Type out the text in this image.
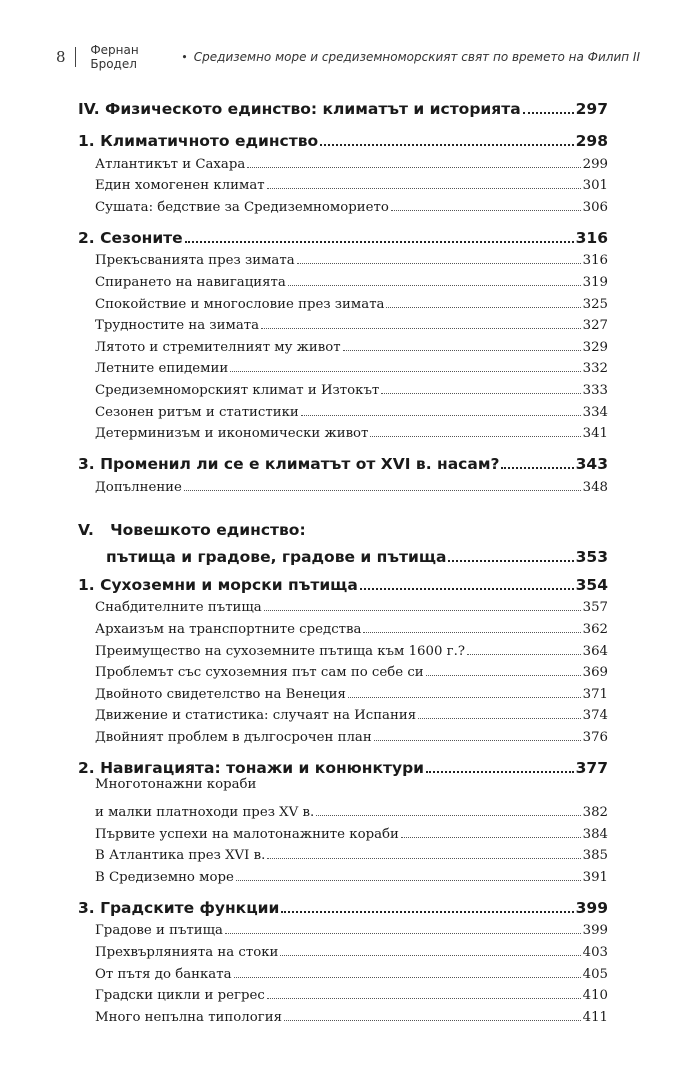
8	Фернан Бродел	• Средиземно море и средиземноморският свят по времето на Филип II
IV. Физическото единство: климатът и историята	297
1. Климатичното единство	298
Атлантикът и Сахара	299
Един хомогенен климат	301
Сушата: бедствие за Средиземноморието	306
2. Сезоните	316
Прекъсванията през зимата	316
Спирането на навигацията	319
Спокойствие и многословие през зимата	325
Трудностите на зимата	327
Лятото и стремителният му живот	329
Летните епидемии	332
Средиземноморският климат и Изтокът	333
Сезонен ритъм и статистики	334
Детерминизъм и икономически живот	341
3. Променил ли се е климатът от XVI в. насам?	343
Допълнение	348
V.   Човешкото единство:
пътища и градове, градове и пътища	353
1. Сухоземни и морски пътища	354
Снабдителните пътища	357
Архаизъм на транспортните средства	362
Преимущество на сухоземните пътища към 1600 г.?	364
Проблемът със сухоземния път сам по себе си	369
Двойното свидетелство на Венеция	371
Движение и статистика: случаят на Испания	374
Двойният проблем в дългосрочен план	376
2. Навигацията: тонажи и конюнктури	377
Многотонажни кораби
и малки платноходи през XV в.	382
Първите успехи на малотонажните кораби	384
В Атлантика през XVI в.	385
В Средиземно море	391
3. Градските функции	399
Градове и пътища	399
Прехвърлянията на стоки	403
От пътя до банката	405
Градски цикли и регрес	410
Много непълна типология	411
